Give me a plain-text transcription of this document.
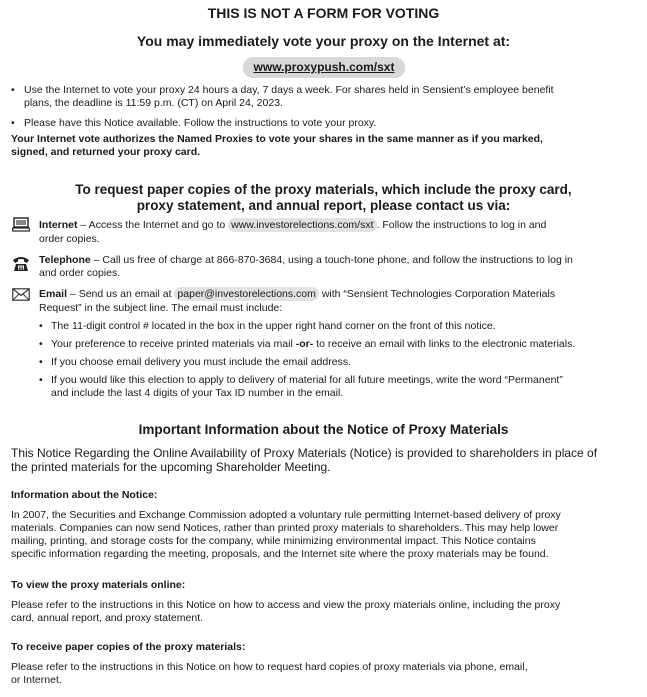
THIS IS NOT A FORM FOR VOTING
You may immediately vote your proxy on the Internet at:
www.proxypush.com/sxt
• Use the Internet to vote your proxy 24 hours a day, 7 days a week. For shares held in Sensient’s employee benefit
plans, the deadline is 11:59 p.m. (CT) on April 24, 2023.
• Please have this Notice available. Follow the instructions to vote your proxy.
Your Internet vote authorizes the Named Proxies to vote your shares in the same manner as if you marked,
signed, and returned your proxy card.
To request paper copies of the proxy materials, which include the proxy card,
proxy statement, and annual report, please contact us via:
Internet – Access the Internet and go to www.investorelections.com/sxt . Follow the instructions to log in and
order copies.
Telephone – Call us free of charge at 866-870-3684, using a touch-tone phone, and follow the instructions to log in
and order copies.
Email – Send us an email at paper@investorelections.com with “Sensient Technologies Corporation Materials
Request” in the subject line. The email must include:
• The 11-digit control # located in the box in the upper right hand corner on the front of this notice.
• Your preference to receive printed materials via mail -or- to receive an email with links to the electronic materials.
• If you choose email delivery you must include the email address.
• If you would like this election to apply to delivery of material for all future meetings, write the word “Permanent”
and include the last 4 digits of your Tax ID number in the email.
Important Information about the Notice of Proxy Materials
This Notice Regarding the Online Availability of Proxy Materials (Notice) is provided to shareholders in place of
the printed materials for the upcoming Shareholder Meeting.
Information about the Notice:
In 2007, the Securities and Exchange Commission adopted a voluntary rule permitting Internet-based delivery of proxy
materials. Companies can now send Notices, rather than printed proxy materials to shareholders. This may help lower
mailing, printing, and storage costs for the company, while minimizing environmental impact. This Notice contains
specific information regarding the meeting, proposals, and the Internet site where the proxy materials may be found.
To view the proxy materials online:
Please refer to the instructions in this Notice on how to access and view the proxy materials online, including the proxy
card, annual report, and proxy statement.
To receive paper copies of the proxy materials:
Please refer to the instructions in this Notice on how to request hard copies of proxy materials via phone, email,
or Internet.
